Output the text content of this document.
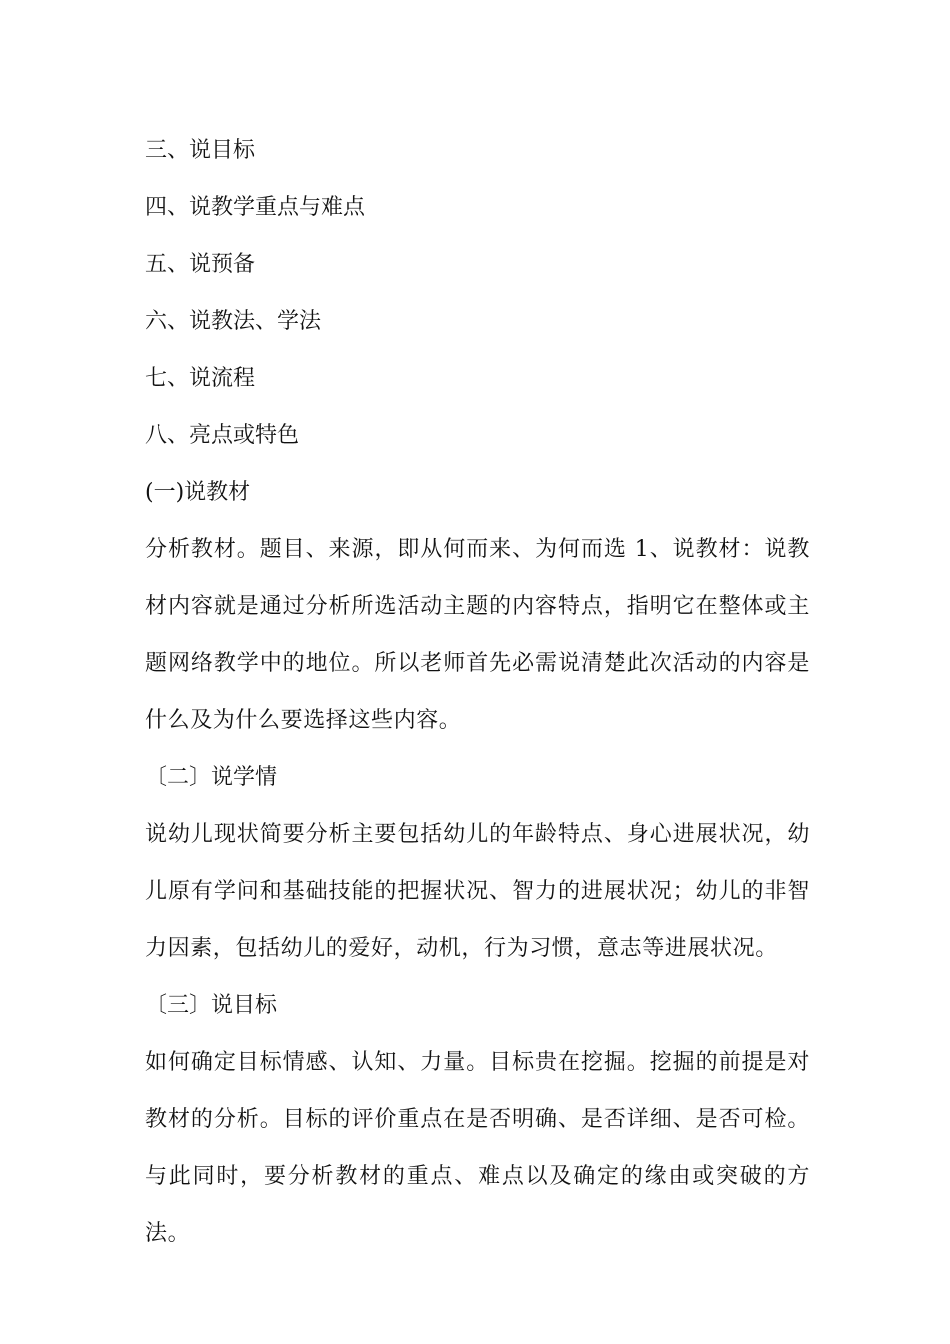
三、说目标

四、说教学重点与难点

五、说预备

六、说教法、学法

七、说流程

八、亮点或特色

(一)说教材

分析教材。题目、来源，即从何而来、为何而选 1、说教材：说教材内容就是通过分析所选活动主题的内容特点，指明它在整体或主题网络教学中的地位。所以老师首先必需说清楚此次活动的内容是什么及为什么要选择这些内容。

〔二〕说学情

说幼儿现状简要分析主要包括幼儿的年龄特点、身心进展状况，幼儿原有学问和基础技能的把握状况、智力的进展状况；幼儿的非智力因素，包括幼儿的爱好，动机，行为习惯，意志等进展状况。

〔三〕说目标

如何确定目标情感、认知、力量。目标贵在挖掘。挖掘的前提是对教材的分析。目标的评价重点在是否明确、是否详细、是否可检。与此同时，要分析教材的重点、难点以及确定的缘由或突破的方法。
